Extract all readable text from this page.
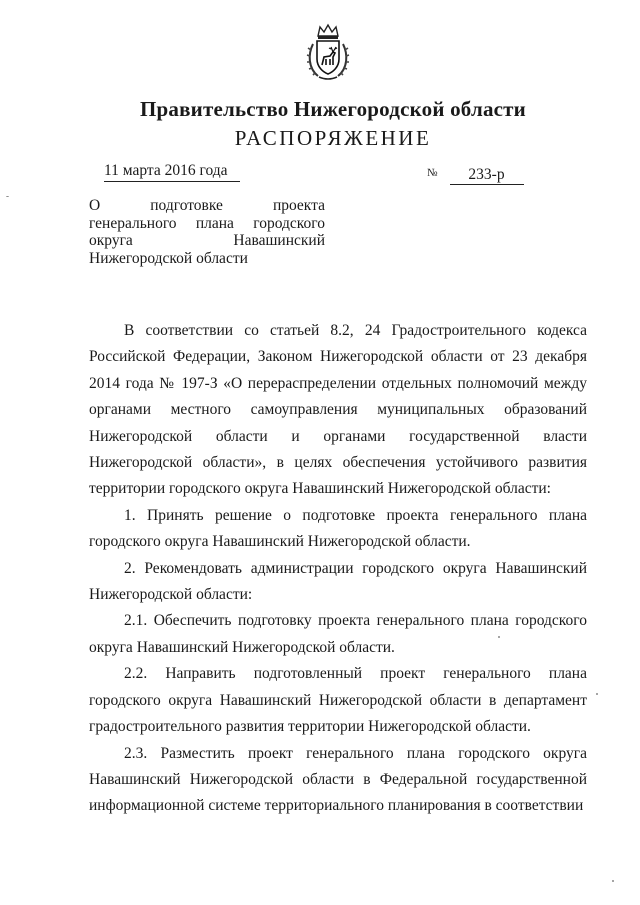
Правительство Нижегородской области
РАСПОРЯЖЕНИЕ
11 марта 2016 года	№ 233-р
О	подготовке	проекта
генерального плана городского
округа	Навашинский
Нижегородской области

В соответствии со статьей 8.2, 24 Градостроительного кодекса Российской Федерации, Законом Нижегородской области от 23 декабря 2014 года № 197-З «О перераспределении отдельных полномочий между органами местного самоуправления муниципальных образований Нижегородской области и органами государственной власти Нижегородской области», в целях обеспечения устойчивого развития территории городского округа Навашинский Нижегородской области:

1. Принять решение о подготовке проекта генерального плана городского округа Навашинский Нижегородской области.

2. Рекомендовать администрации городского округа Навашинский Нижегородской области:

2.1. Обеспечить подготовку проекта генерального плана городского округа Навашинский Нижегородской области.

2.2. Направить подготовленный проект генерального плана городского округа Навашинский Нижегородской области в департамент градостроительного развития территории Нижегородской области.

2.3. Разместить проект генерального плана городского округа Навашинский Нижегородской области в Федеральной государственной информационной системе территориального планирования в соответствии
